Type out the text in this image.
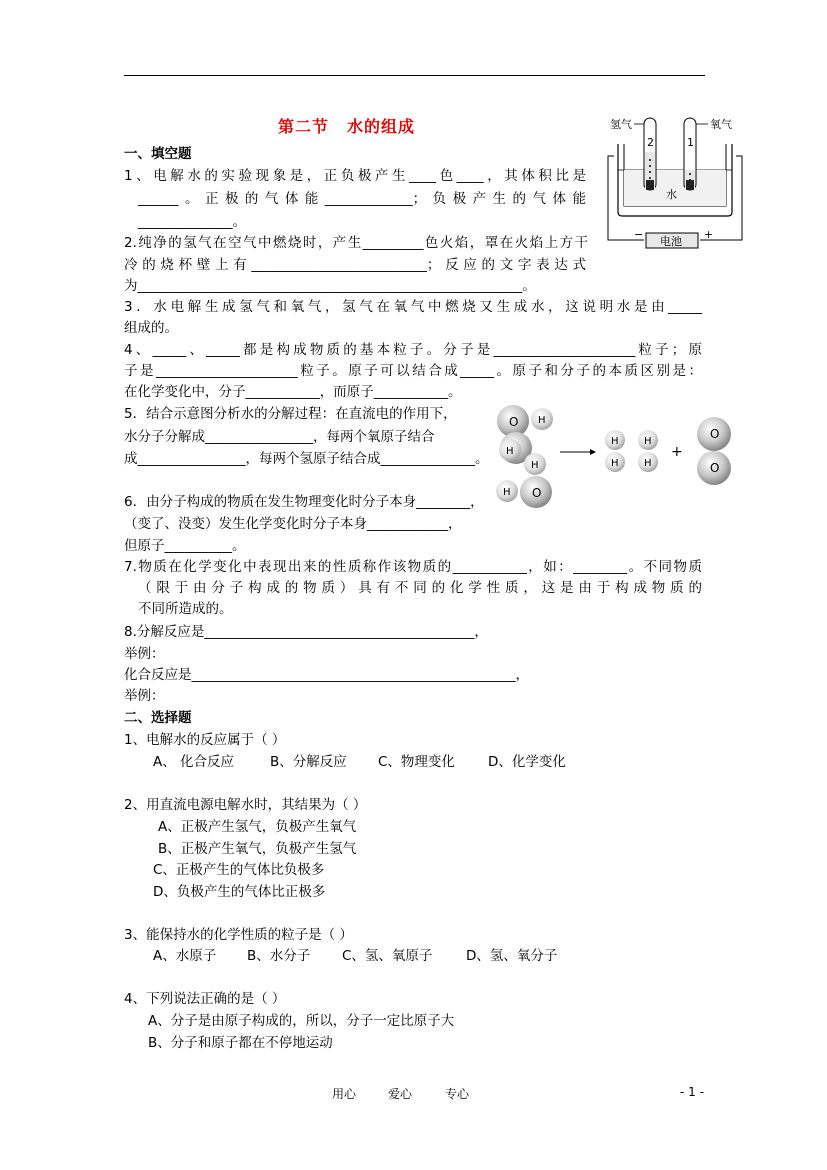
第二节 水的组成
一、填空题
1、电解水的实验现象是，正负极产生____色____，其体积比是
______。正极的气体能_____________；负极产生的气体能
______________。
2.纯净的氢气在空气中燃烧时，产生_________色火焰，罩在火焰上方干
冷的烧杯壁上有__________________________；反应的文字表达式
为_________________________________________________________。
3．水电解生成氢气和氧气，氢气在氧气中燃烧又生成水，这说明水是由_____
组成的。
4、_____、_____都是构成物质的基本粒子。分子是_____________________粒子；原
子是_____________________粒子。原子可以结合成_____。原子和分子的本质区别是：
在化学变化中，分子___________，而原子___________。
5．结合示意图分析水的分解过程：在直流电的作用下，
水分子分解成________________，每两个氧原子结合
成________________，每两个氢原子结合成______________。
6．由分子构成的物质在发生物理变化时分子本身________，
（变了、没变）发生化学变化时分子本身____________，
但原子__________。
7.物质在化学变化中表现出来的性质称作该物质的___________，如：________。不同物质
（限于由分子构成的物质）具有不同的化学性质，这是由于构成物质的
不同所造成的。
8.分解反应是________________________________________，
举例：
化合反应是________________________________________________，
举例：
二、选择题
1、电解水的反应属于（ ）
A、 化合反应	B、分解反应 C、物理变化 D、化学变化
2、用直流电源电解水时，其结果为（ ）
A、正极产生氢气，负极产生氧气
B、正极产生氧气，负极产生氢气
C、正极产生的气体比负极多
D、负极产生的气体比正极多
3、能保持水的化学性质的粒子是（ ）
A、水原子 B、水分子 C、氢、氧原子 D、氢、氧分子
4、下列说法正确的是（ ）
A、分子是由原子构成的，所以，分子一定比原子大
B、分子和原子都在不停地运动
氢气	氧气
2	1
水
电池
−	+
O H
H
H
O
H
H	H
H	H
+
O
O
用心	爱心	专心	- 1 -
